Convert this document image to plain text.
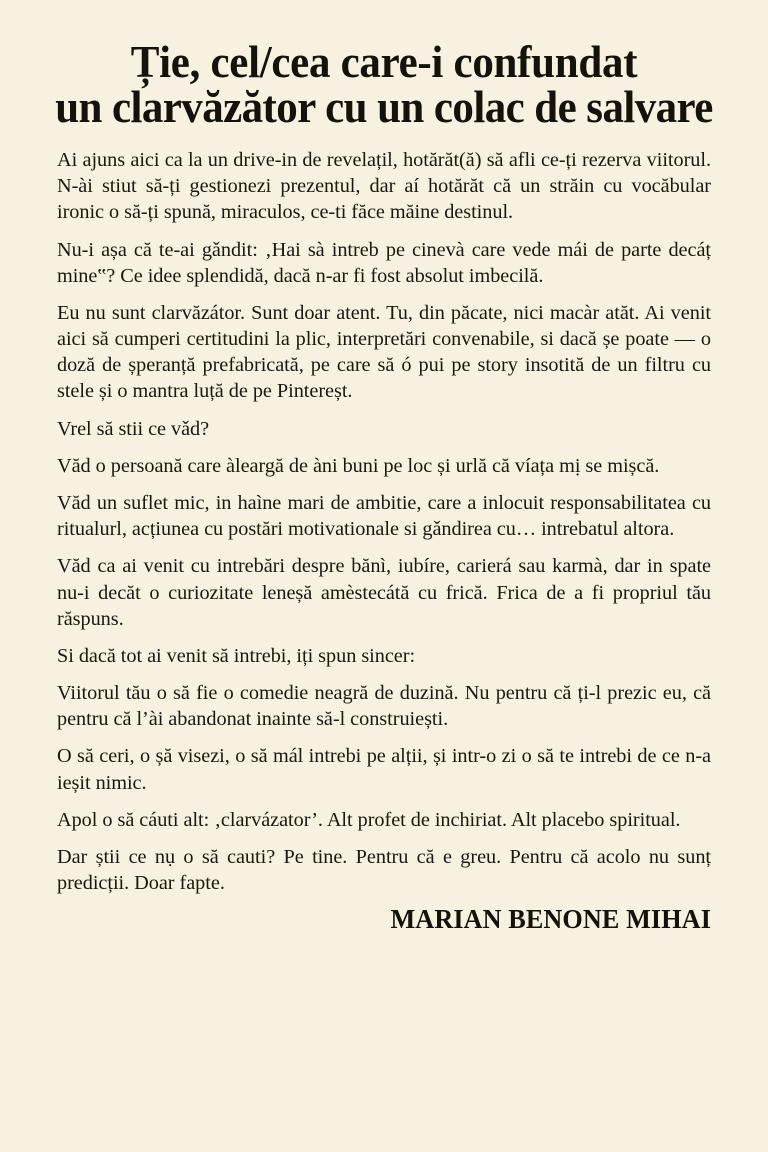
Ție, cel/cea care-i confundat
un clarvăzător cu un colac de salvare

Ai ajuns aici ca la un drive-in de revelațil, hotărăt(ă) să afli ce-ți rezerva viitorul. N-ài stiut să-ți gestionezi prezentul, dar aí hotărăt că un străin cu vocăbular ironic o să-ți spună, miraculos, ce-ti făce măine destinul.

Nu-i așa că te-ai gǎndit: ‚Hai sà intreb pe cinevà care vede mái de parte decáț mine‟? Ce idee splendidă, dacă n-ar fi fost absolut imbecilă.

Eu nu sunt clarvăzátor. Sunt doar atent. Tu, din păcate, nici macàr atăt. Ai venit aici să cumperi certitudini la plic, interpretări convenabile, si dacă șe poate — o doză de șperanță prefabricată, pe care să ó pui pe story insotită de un filtru cu stele și o mantra luță de pe Pintereșt.

Vrel să stii ce vǎd?

Văd o persoană care àleargă de àni buni pe loc și urlă că víața mị se mișcă.

Văd un suflet mic, in haìne mari de ambitie, care a inlocuit responsabilitatea cu ritualurl, acțiunea cu postări motivationale si gǎndirea cu… intrebatul altora.

Văd ca ai venit cu intrebări despre bănì, iubíre, carierá sau karmà, dar in spate nu-i decăt o curiozitate leneșă amèstecátă cu frică. Frica de a fi propriul tău răspuns.

Si dacă tot ai venit să intrebi, iți spun sincer:

Viitorul tău o să fie o comedie neagră de duzină. Nu pentru că ți-l prezic eu, că pentru că l’ài abandonat inainte să-l construiești.

O să ceri, o șă visezi, o să mál intrebi pe alții, și intr-o zi o să te intrebi de ce n-a ieșit nimic.

Apol o să cáuti alt: ‚clarvázator’. Alt profet de inchiriat. Alt placebo spiritual.

Dar știi ce nụ o să cauti? Pe tine. Pentru că e greu. Pentru că acolo nu sunț predicții. Doar fapte.

MARIAN BENONE MIHAI
